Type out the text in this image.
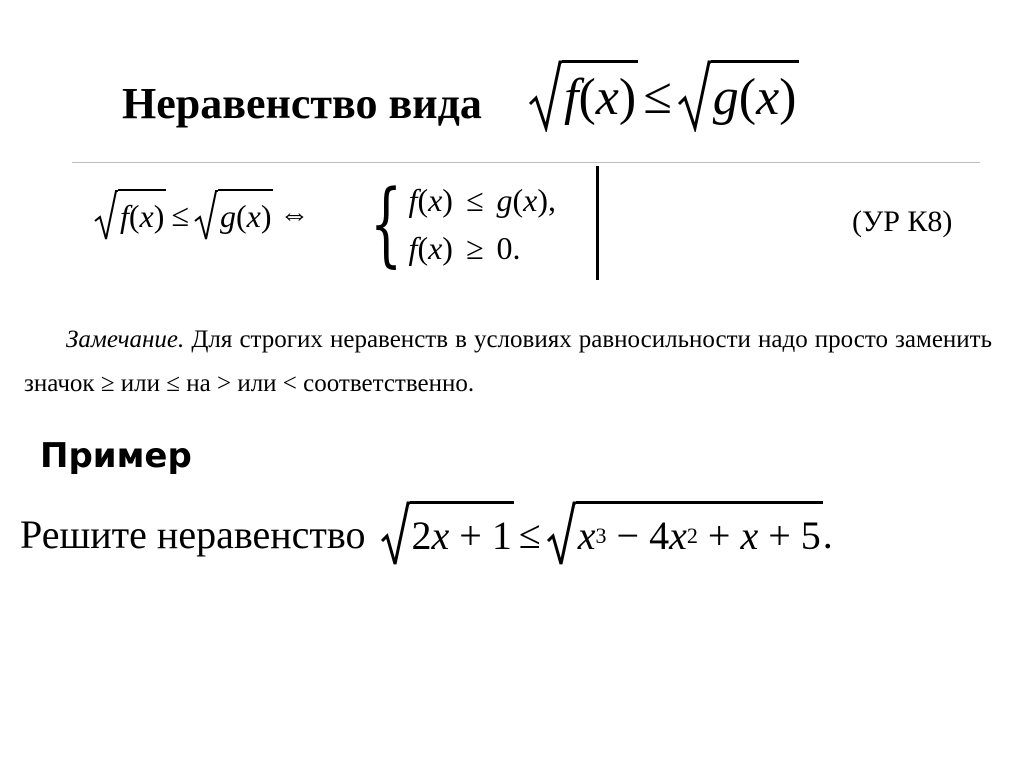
Неравенство вида f ( x ) ≤ g ( x )
f ( x ) ≤ g ( x ) ⇔ { f(x) ≤ g(x),
f(x) ≥ 0.
(УР К8)
Замечание. Для строгих неравенств в условиях равносильности надо просто заменить значок ≥ или ≤ на > или < соответственно.
Пример
Решите неравенство 2 x + 1 ≤ x 3 − 4 x 2 + x + 5 .
